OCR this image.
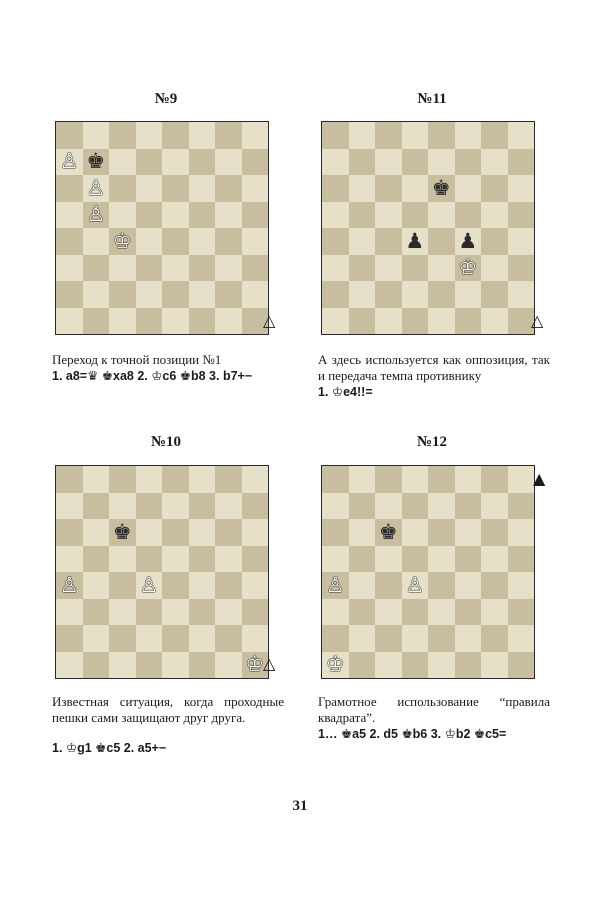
№9
♙ ♚
♙
♙
♔
△
Переход к точной позиции №1
1. a8=♛ ♚xa8 2. ♔c6 ♚b8 3. b7+−
№11
♚
♟ ♟
♔
△
А здесь используется как оппозиция, так и передача темпа противнику
1. ♔e4!!=
№10
♚
♙	♙
♔
△
Известная ситуация, когда проходные пешки сами защищают друг друга.
1. ♔g1 ♚c5 2. a5+−
№12
♚
♙	♙
♔
▲
Грамотное использование “правила квадрата”.
1… ♚a5 2. d5 ♚b6 3. ♔b2 ♚c5=
31
